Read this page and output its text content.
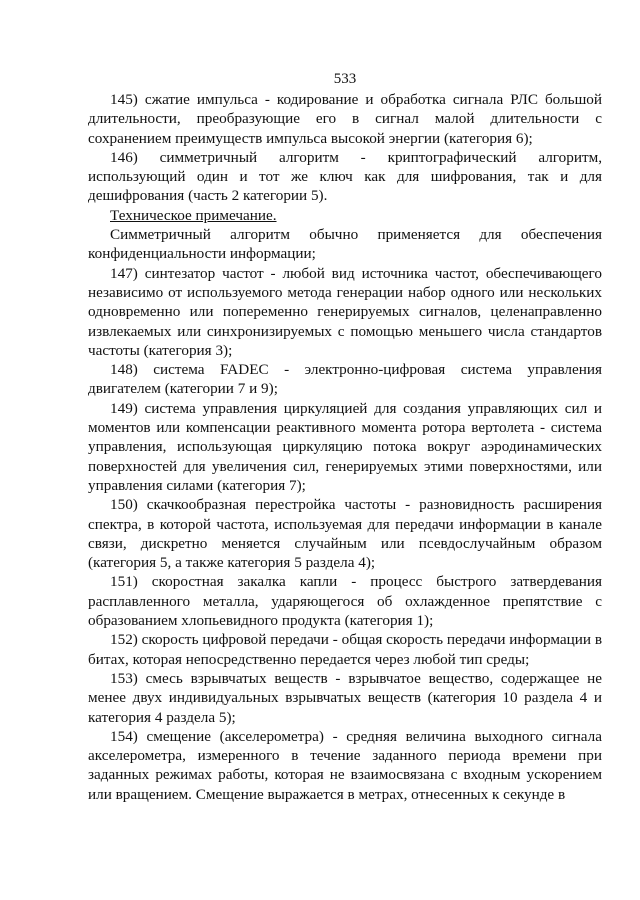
533

145) сжатие импульса - кодирование и обработка сигнала РЛС большой длительности, преобразующие его в сигнал малой длительности с сохранением преимуществ импульса высокой энергии (категория 6);

146) симметричный алгоритм - криптографический алгоритм, использующий один и тот же ключ как для шифрования, так и для дешифрования (часть 2 категории 5).

Техническое примечание.

Симметричный алгоритм обычно применяется для обеспечения конфиденциальности информации;

147) синтезатор частот - любой вид источника частот, обеспечивающего независимо от используемого метода генерации набор одного или нескольких одновременно или попеременно генерируемых сигналов, целенаправленно извлекаемых или синхронизируемых с помощью меньшего числа стандартов частоты (категория 3);

148) система FADEC - электронно-цифровая система управления двигателем (категории 7 и 9);

149) система управления циркуляцией для создания управляющих сил и моментов или компенсации реактивного момента ротора вертолета - система управления, использующая циркуляцию потока вокруг аэродинамических поверхностей для увеличения сил, генерируемых этими поверхностями, или управления силами (категория 7);

150) скачкообразная перестройка частоты - разновидность расширения спектра, в которой частота, используемая для передачи информации в канале связи, дискретно меняется случайным или псевдослучайным образом (категория 5, а также категория 5 раздела 4);

151) скоростная закалка капли - процесс быстрого затвердевания расплавленного металла, ударяющегося об охлажденное препятствие с образованием хлопьевидного продукта (категория 1);

152) скорость цифровой передачи - общая скорость передачи информации в битах, которая непосредственно передается через любой тип среды;

153) смесь взрывчатых веществ - взрывчатое вещество, содержащее не менее двух индивидуальных взрывчатых веществ (категория 10 раздела 4 и категория 4 раздела 5);

154) смещение (акселерометра) - средняя величина выходного сигнала акселерометра, измеренного в течение заданного периода времени при заданных режимах работы, которая не взаимосвязана с входным ускорением или вращением. Смещение выражается в метрах, отнесенных к секунде в
